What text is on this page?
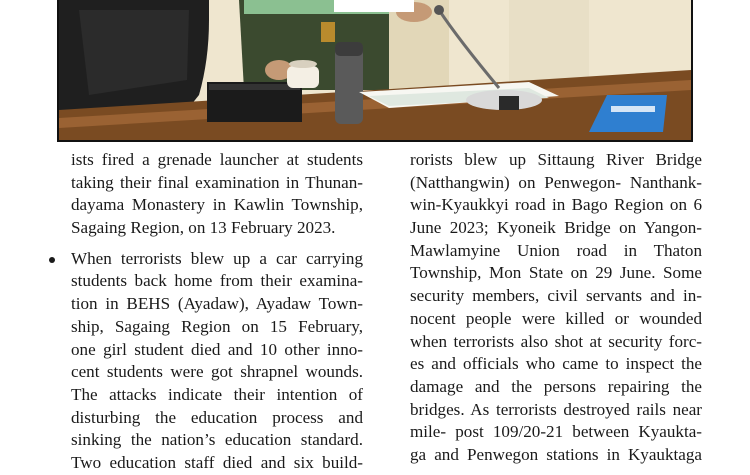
ists fired a grenade launcher at students
taking their final examination in Thunan-
dayama Monastery in Kawlin Township,
Sagaing Region, on 13 February 2023.
When terrorists blew up a car carrying
students back home from their examina-
tion in BEHS (Ayadaw), Ayadaw Town-
ship, Sagaing Region on 15 February,
one girl student died and 10 other inno-
cent students were got shrapnel wounds.
The attacks indicate their intention of
disturbing the education process and
sinking the nation’s education standard.
Two education staff died and six build-
rorists blew up Sittaung River Bridge
(Natthangwin) on Penwegon- Nanthank-
win-Kyaukkyi road in Bago Region on 6
June 2023; Kyoneik Bridge on Yangon-
Mawlamyine Union road in Thaton
Township, Mon State on 29 June. Some
security members, civil servants and in-
nocent people were killed or wounded
when terrorists also shot at security forc-
es and officials who came to inspect the
damage and the persons repairing the
bridges. As terrorists destroyed rails near
mile- post 109/20-21 between Kyaukta-
ga and Penwegon stations in Kyauktaga
